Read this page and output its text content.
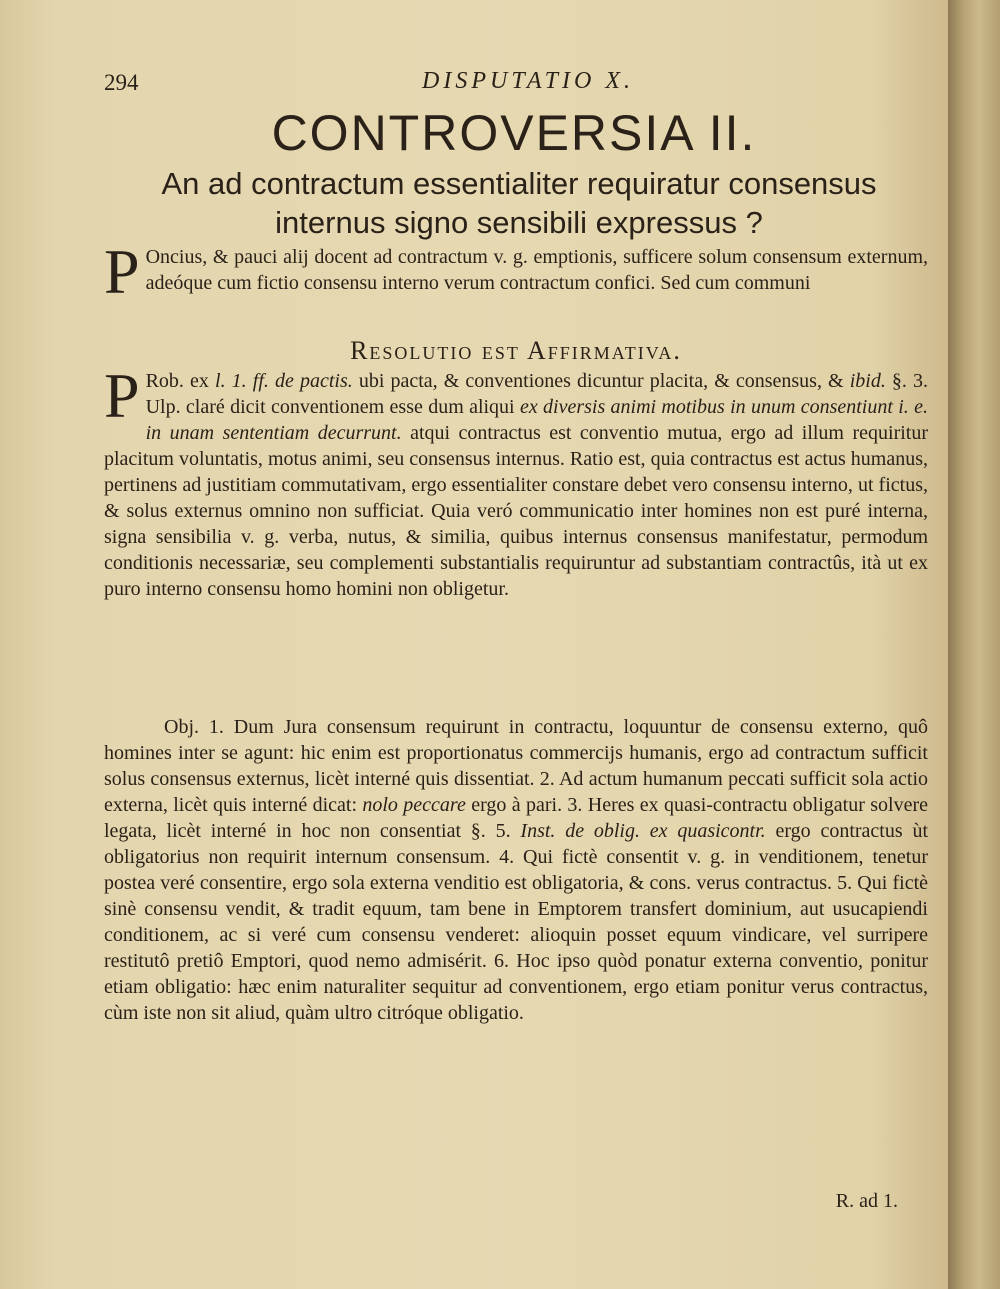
294	DISPUTATIO X.
CONTROVERSIA II.
An ad contractum essentialiter requiratur consensus internus signo sensibili expressus ?

P Oncius, & pauci alij docent ad contractum v. g. emptionis, sufficere solum consensum externum, adeóque cum fictio consensu interno verum contractum confici. Sed cum communi

Resolutio est Affirmativa.

P Rob. ex l. 1. ff. de pactis. ubi pacta, & conventiones dicuntur placita, & consensus, & ibid. §. 3. Ulp. claré dicit conventionem esse dum aliqui ex diversis animi motibus in unum consentiunt i. e. in unam sententiam decurrunt. atqui contractus est conventio mutua, ergo ad illum requiritur placitum voluntatis, motus animi, seu consensus internus. Ratio est, quia contractus est actus humanus, pertinens ad justitiam commutativam, ergo essentialiter constare debet vero consensu interno, ut fictus, & solus externus omnino non sufficiat. Quia veró communicatio inter homines non est puré interna, signa sensibilia v. g. verba, nutus, & similia, quibus internus consensus manifestatur, permodum conditionis necessariæ, seu complementi substantialis requiruntur ad substantiam contractûs, ità ut ex puro interno consensu homo homini non obligetur.

Obj. 1. Dum Jura consensum requirunt in contractu, loquuntur de consensu externo, quô homines inter se agunt: hic enim est proportionatus commercijs humanis, ergo ad contractum sufficit solus consensus externus, licèt interné quis dissentiat. 2. Ad actum humanum peccati sufficit sola actio externa, licèt quis interné dicat: nolo peccare ergo à pari. 3. Heres ex quasi-contractu obligatur solvere legata, licèt interné in hoc non consentiat §. 5. Inst. de oblig. ex quasicontr. ergo contractus ùt obligatorius non requirit internum consensum. 4. Qui fictè consentit v. g. in venditionem, tenetur postea veré consentire, ergo sola externa venditio est obligatoria, & cons. verus contractus. 5. Qui fictè sinè consensu vendit, & tradit equum, tam bene in Emptorem transfert dominium, aut usucapiendi conditionem, ac si veré cum consensu venderet: alioquin posset equum vindicare, vel surripere restitutô pretiô Emptori, quod nemo admisérit. 6. Hoc ipso quòd ponatur externa conventio, ponitur etiam obligatio: hæc enim naturaliter sequitur ad conventionem, ergo etiam ponitur verus contractus, cùm iste non sit aliud, quàm ultro citróque obligatio.

R. ad 1.
